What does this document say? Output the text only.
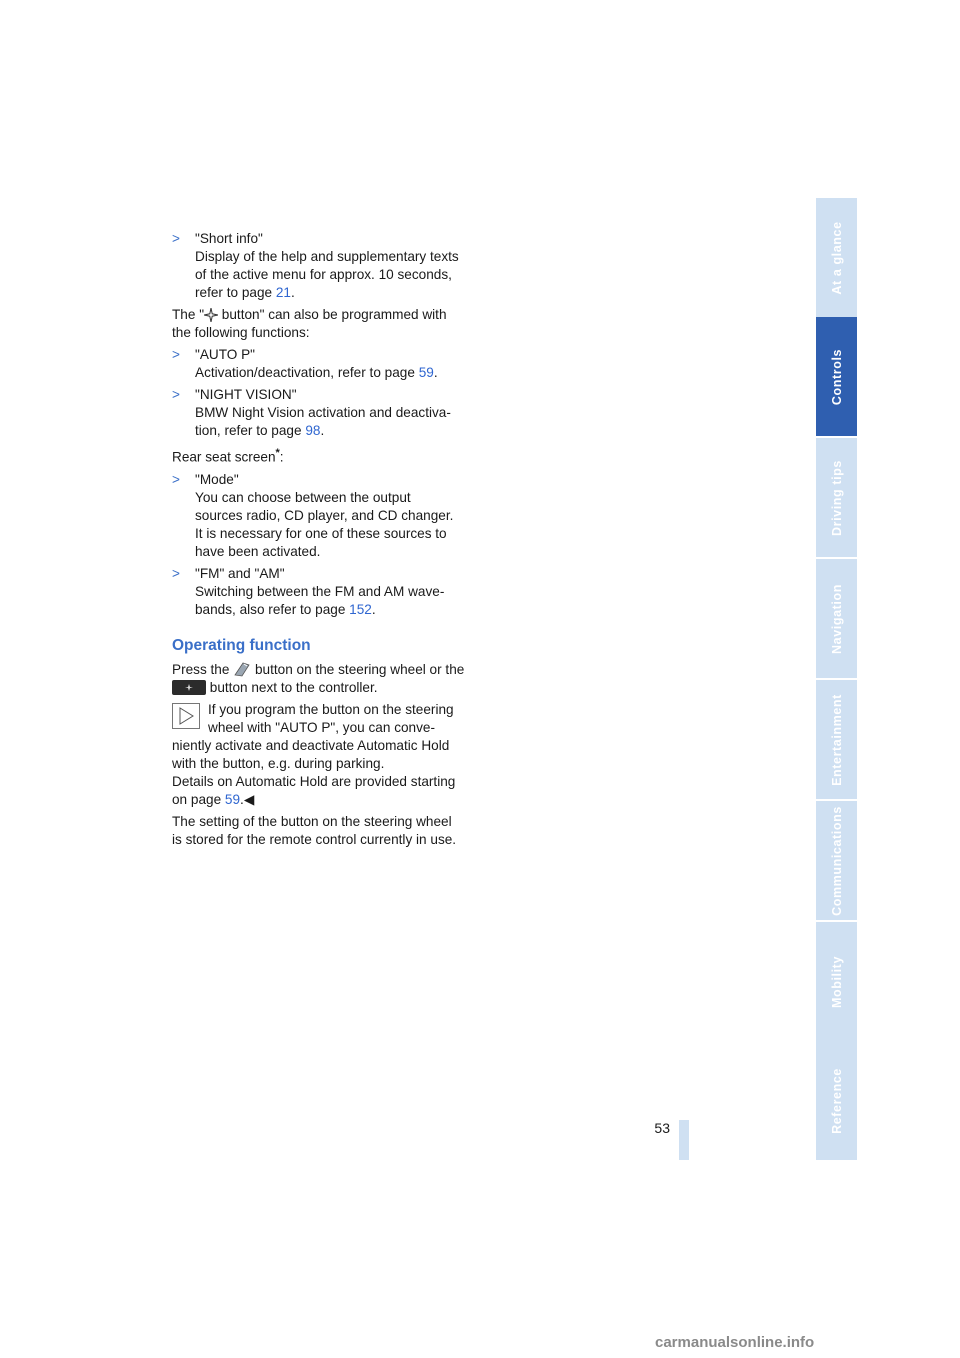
> "Short info"
Display of the help and supplementary texts
of the active menu for approx. 10 seconds,
refer to page 21.
The " button" can also be programmed with
the following functions:
> "AUTO P"
Activation/deactivation, refer to page 59.
> "NIGHT VISION"
BMW Night Vision activation and deactiva-
tion, refer to page 98.
Rear seat screen*:
> "Mode"
You can choose between the output
sources radio, CD player, and CD changer.
It is necessary for one of these sources to
have been activated.
> "FM" and "AM"
Switching between the FM and AM wave-
bands, also refer to page 152.
Operating function
Press the  button on the steering wheel or the
button next to the controller.
If you program the button on the steering
wheel with "AUTO P", you can conve-
niently activate and deactivate Automatic Hold
with the button, e.g. during parking.
Details on Automatic Hold are provided starting
on page 59.◀
The setting of the button on the steering wheel
is stored for the remote control currently in use.
53
At a glance
Controls
Driving tips
Navigation
Entertainment
Communications
Mobility
Reference
carmanualsonline.info
